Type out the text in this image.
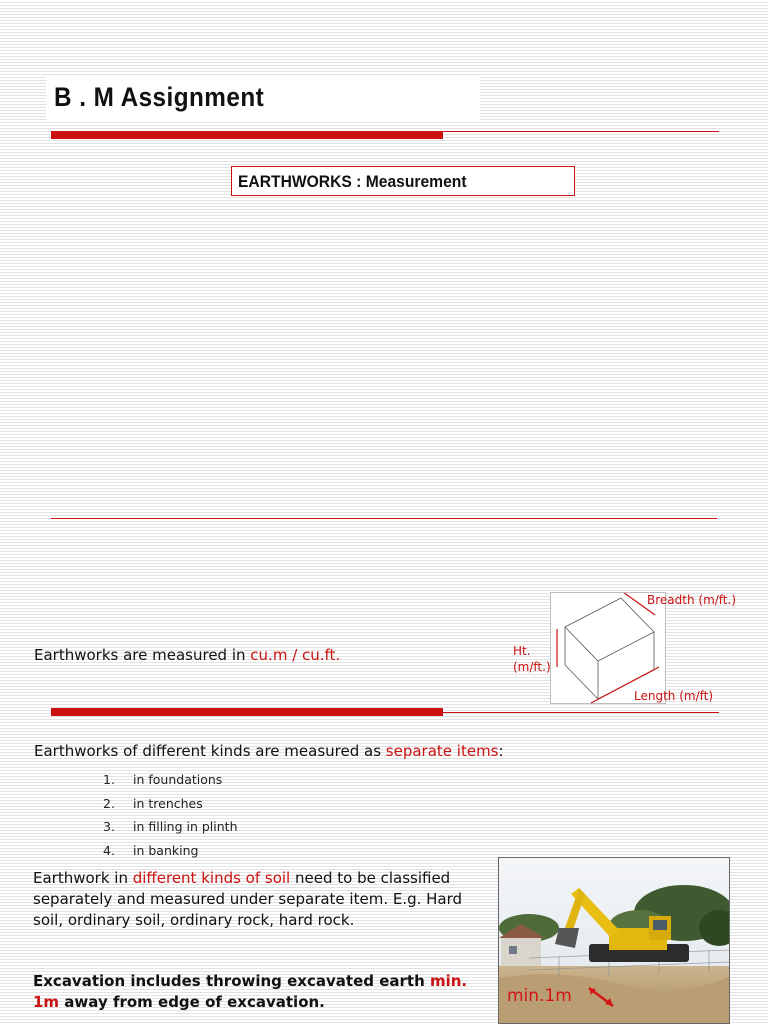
B . M Assignment
EARTHWORKS : Measurement
Earthworks are measured in cu.m / cu.ft.
Breadth (m/ft.)
Ht.
(m/ft.)
Length (m/ft)
Earthworks of different kinds are measured as separate items:
1. in foundations
2. in trenches
3. in filling in plinth
4. in banking
Earthwork in different kinds of soil need to be classified separately and measured under separate item. E.g. Hard soil, ordinary soil, ordinary rock, hard rock.
Excavation includes throwing excavated earth min. 1m away from edge of excavation.	min.1m
